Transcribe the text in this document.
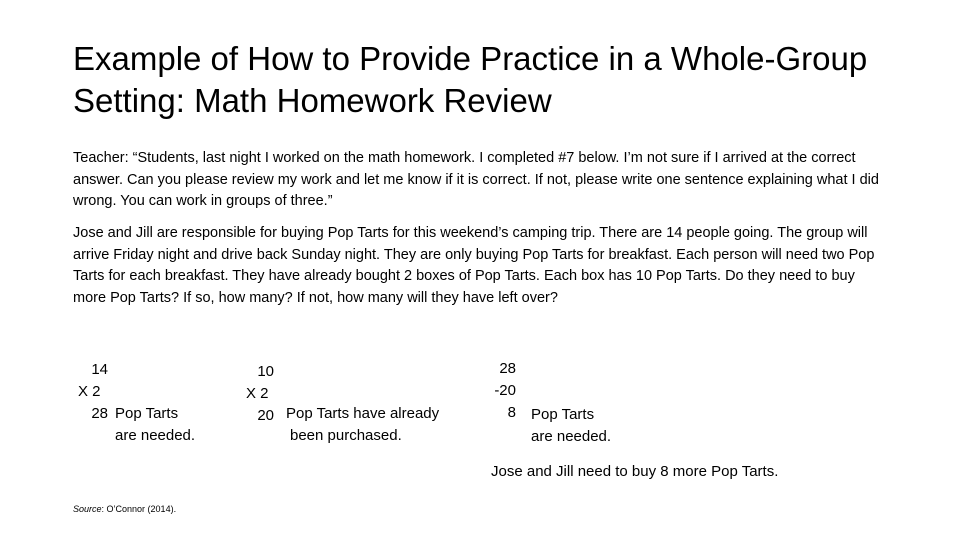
Example of How to Provide Practice in a Whole-Group Setting: Math Homework Review

Teacher: “Students, last night I worked on the math homework. I completed #7 below. I’m not sure if I arrived at the correct answer. Can you please review my work and let me know if it is correct. If not, please write one sentence explaining what I did wrong. You can work in groups of three.”

Jose and Jill are responsible for buying Pop Tarts for this weekend’s camping trip. There are 14 people going. The group will arrive Friday night and drive back Sunday night. They are only buying Pop Tarts for breakfast. Each person will need two Pop Tarts for each breakfast. They have already bought 2 boxes of Pop Tarts. Each box has 10 Pop Tarts. Do they need to buy more Pop Tarts? If so, how many? If not, how many will they have left over?

14
X 2
28 Pop Tarts
are needed.
10
X 2
20 Pop Tarts have already
been purchased.
28
-20
8 Pop Tarts
are needed.
Jose and Jill need to buy 8 more Pop Tarts.
Source: O’Connor (2014).
